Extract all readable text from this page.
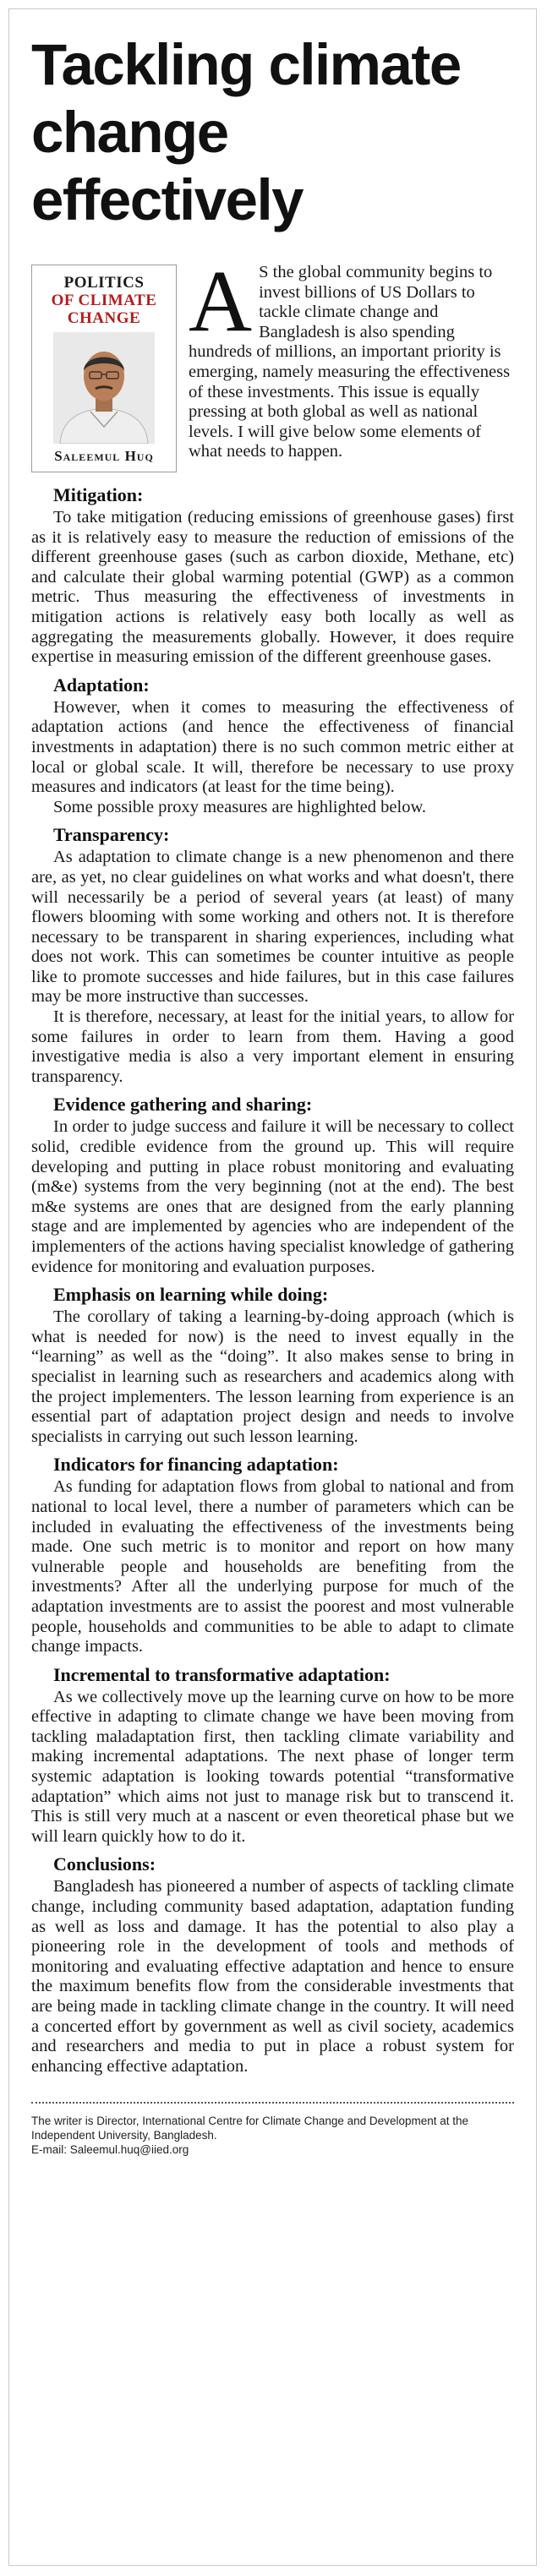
Tackling climate
change effectively
POLITICS
OF CLIMATE
CHANGE
Saleemul Huq
A S the global community begins to invest billions of US Dollars to tackle climate change and Bangladesh is also spending hundreds of millions, an important priority is emerging, namely measuring the effectiveness of these investments. This issue is equally pressing at both global as well as national levels. I will give below some elements of what needs to happen.

Mitigation:

To take mitigation (reducing emissions of greenhouse gases) first as it is relatively easy to measure the reduction of emissions of the different greenhouse gases (such as carbon dioxide, Methane, etc) and calculate their global warming potential (GWP) as a common metric. Thus measuring the effectiveness of investments in mitigation actions is relatively easy both locally as well as aggregating the measurements globally. However, it does require expertise in measuring emission of the different greenhouse gases.

Adaptation:

However, when it comes to measuring the effectiveness of adaptation actions (and hence the effectiveness of financial investments in adaptation) there is no such common metric either at local or global scale. It will, therefore be necessary to use proxy measures and indicators (at least for the time being).

Some possible proxy measures are highlighted below.

Transparency:

As adaptation to climate change is a new phenomenon and there are, as yet, no clear guidelines on what works and what doesn't, there will necessarily be a period of several years (at least) of many flowers blooming with some working and others not. It is therefore necessary to be transparent in sharing experiences, including what does not work. This can sometimes be counter intuitive as people like to promote successes and hide failures, but in this case failures may be more instructive than successes.

It is therefore, necessary, at least for the initial years, to allow for some failures in order to learn from them. Having a good investigative media is also a very important element in ensuring transparency.

Evidence gathering and sharing:

In order to judge success and failure it will be necessary to collect solid, credible evidence from the ground up. This will require developing and putting in place robust monitoring and evaluating (m&e) systems from the very beginning (not at the end). The best m&e systems are ones that are designed from the early planning stage and are implemented by agencies who are independent of the implementers of the actions having specialist knowledge of gathering evidence for monitoring and evaluation purposes.

Emphasis on learning while doing:

The corollary of taking a learning-by-doing approach (which is what is needed for now) is the need to invest equally in the “learning” as well as the “doing”. It also makes sense to bring in specialist in learning such as researchers and academics along with the project implementers. The lesson learning from experience is an essential part of adaptation project design and needs to involve specialists in carrying out such lesson learning.

Indicators for financing adaptation:

As funding for adaptation flows from global to national and from national to local level, there a number of parameters which can be included in evaluating the effectiveness of the investments being made. One such metric is to monitor and report on how many vulnerable people and households are benefiting from the investments? After all the underlying purpose for much of the adaptation investments are to assist the poorest and most vulnerable people, households and communities to be able to adapt to climate change impacts.

Incremental to transformative adaptation:

As we collectively move up the learning curve on how to be more effective in adapting to climate change we have been moving from tackling maladaptation first, then tackling climate variability and making incremental adaptations. The next phase of longer term systemic adaptation is looking towards potential “transformative adaptation” which aims not just to manage risk but to transcend it. This is still very much at a nascent or even theoretical phase but we will learn quickly how to do it.

Conclusions:

Bangladesh has pioneered a number of aspects of tackling climate change, including community based adaptation, adaptation funding as well as loss and damage. It has the potential to also play a pioneering role in the development of tools and methods of monitoring and evaluating effective adaptation and hence to ensure the maximum benefits flow from the considerable investments that are being made in tackling climate change in the country. It will need a concerted effort by government as well as civil society, academics and researchers and media to put in place a robust system for enhancing effective adaptation.

The writer is Director, International Centre for Climate Change and Development at the Independent University, Bangladesh.
E-mail: Saleemul.huq@iied.org
